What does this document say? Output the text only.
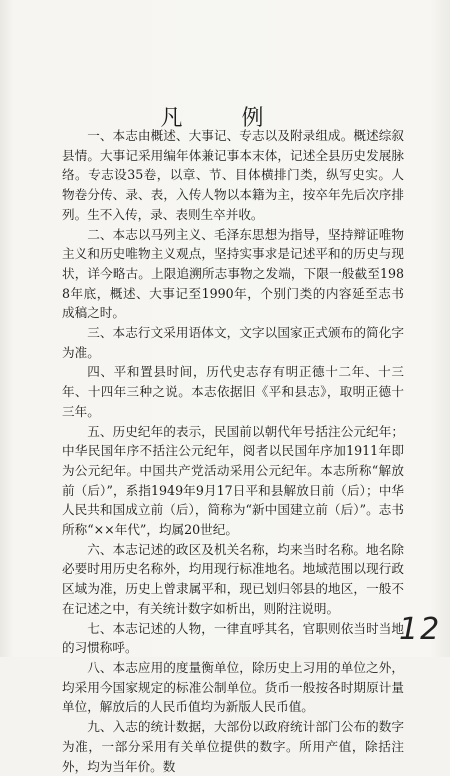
凡 例

一、本志由概述、大事记、专志以及附录组成。概述综叙县情。大事记采用编年体兼记事本末体，记述全县历史发展脉络。专志设35卷，以章、节、目体横排门类，纵写史实。人物卷分传、录、表，入传人物以本籍为主，按卒年先后次序排列。生不入传，录、表则生卒并收。

二、本志以马列主义、毛泽东思想为指导，坚持辩证唯物主义和历史唯物主义观点，坚持实事求是记述平和的历史与现状，详今略古。上限追溯所志事物之发端，下限一般截至1988年底，概述、大事记至1990年，个别门类的内容延至志书成稿之时。

三、本志行文采用语体文，文字以国家正式颁布的简化字为准。

四、平和置县时间，历代史志存有明正德十二年、十三年、十四年三种之说。本志依据旧《平和县志》，取明正德十三年。

五、历史纪年的表示，民国前以朝代年号括注公元纪年；中华民国年序不括注公元纪年，阅者以民国年序加1911年即为公元纪年。中国共产党活动采用公元纪年。本志所称“解放前（后）”，系指1949年9月17日平和县解放日前（后）；中华人民共和国成立前（后），简称为“新中国建立前（后）”。志书所称“××年代”，均属20世纪。

六、本志记述的政区及机关名称，均来当时名称。地名除必要时用历史名称外，均用现行标准地名。地域范围以现行政区域为准，历史上曾隶属平和，现已划归邻县的地区，一般不在记述之中，有关统计数字如析出，则附注说明。

七、本志记述的人物，一律直呼其名，官职则依当时当地的习惯称呼。

八、本志应用的度量衡单位，除历史上习用的单位之外，均采用今国家规定的标准公制单位。货币一般按各时期原计量单位，解放后的人民币值均为新版人民币值。

九、入志的统计数据，大部份以政府统计部门公布的数字为准，一部分采用有关单位提供的数字。所用产值，除括注外，均为当年价。数

12
